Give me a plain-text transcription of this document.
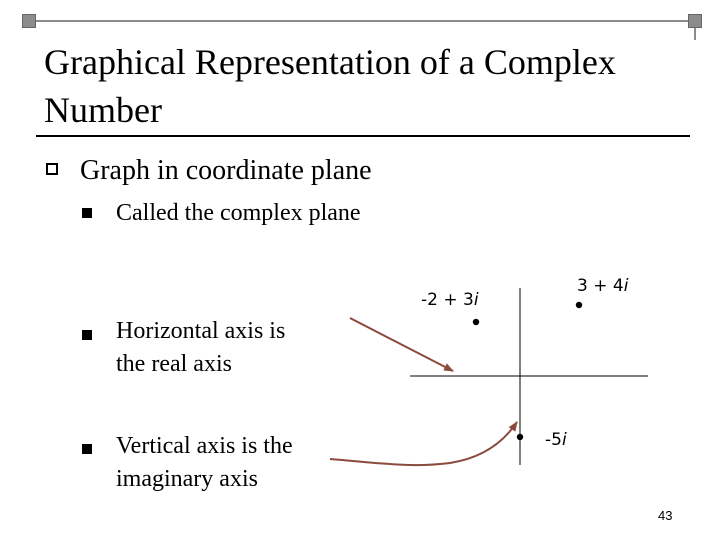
Graphical Representation of a Complex Number
Graph in coordinate plane
Called the complex plane
Horizontal axis is the real axis
Vertical axis is the imaginary axis
3 + 4i
-2 + 3i
-5i
43
